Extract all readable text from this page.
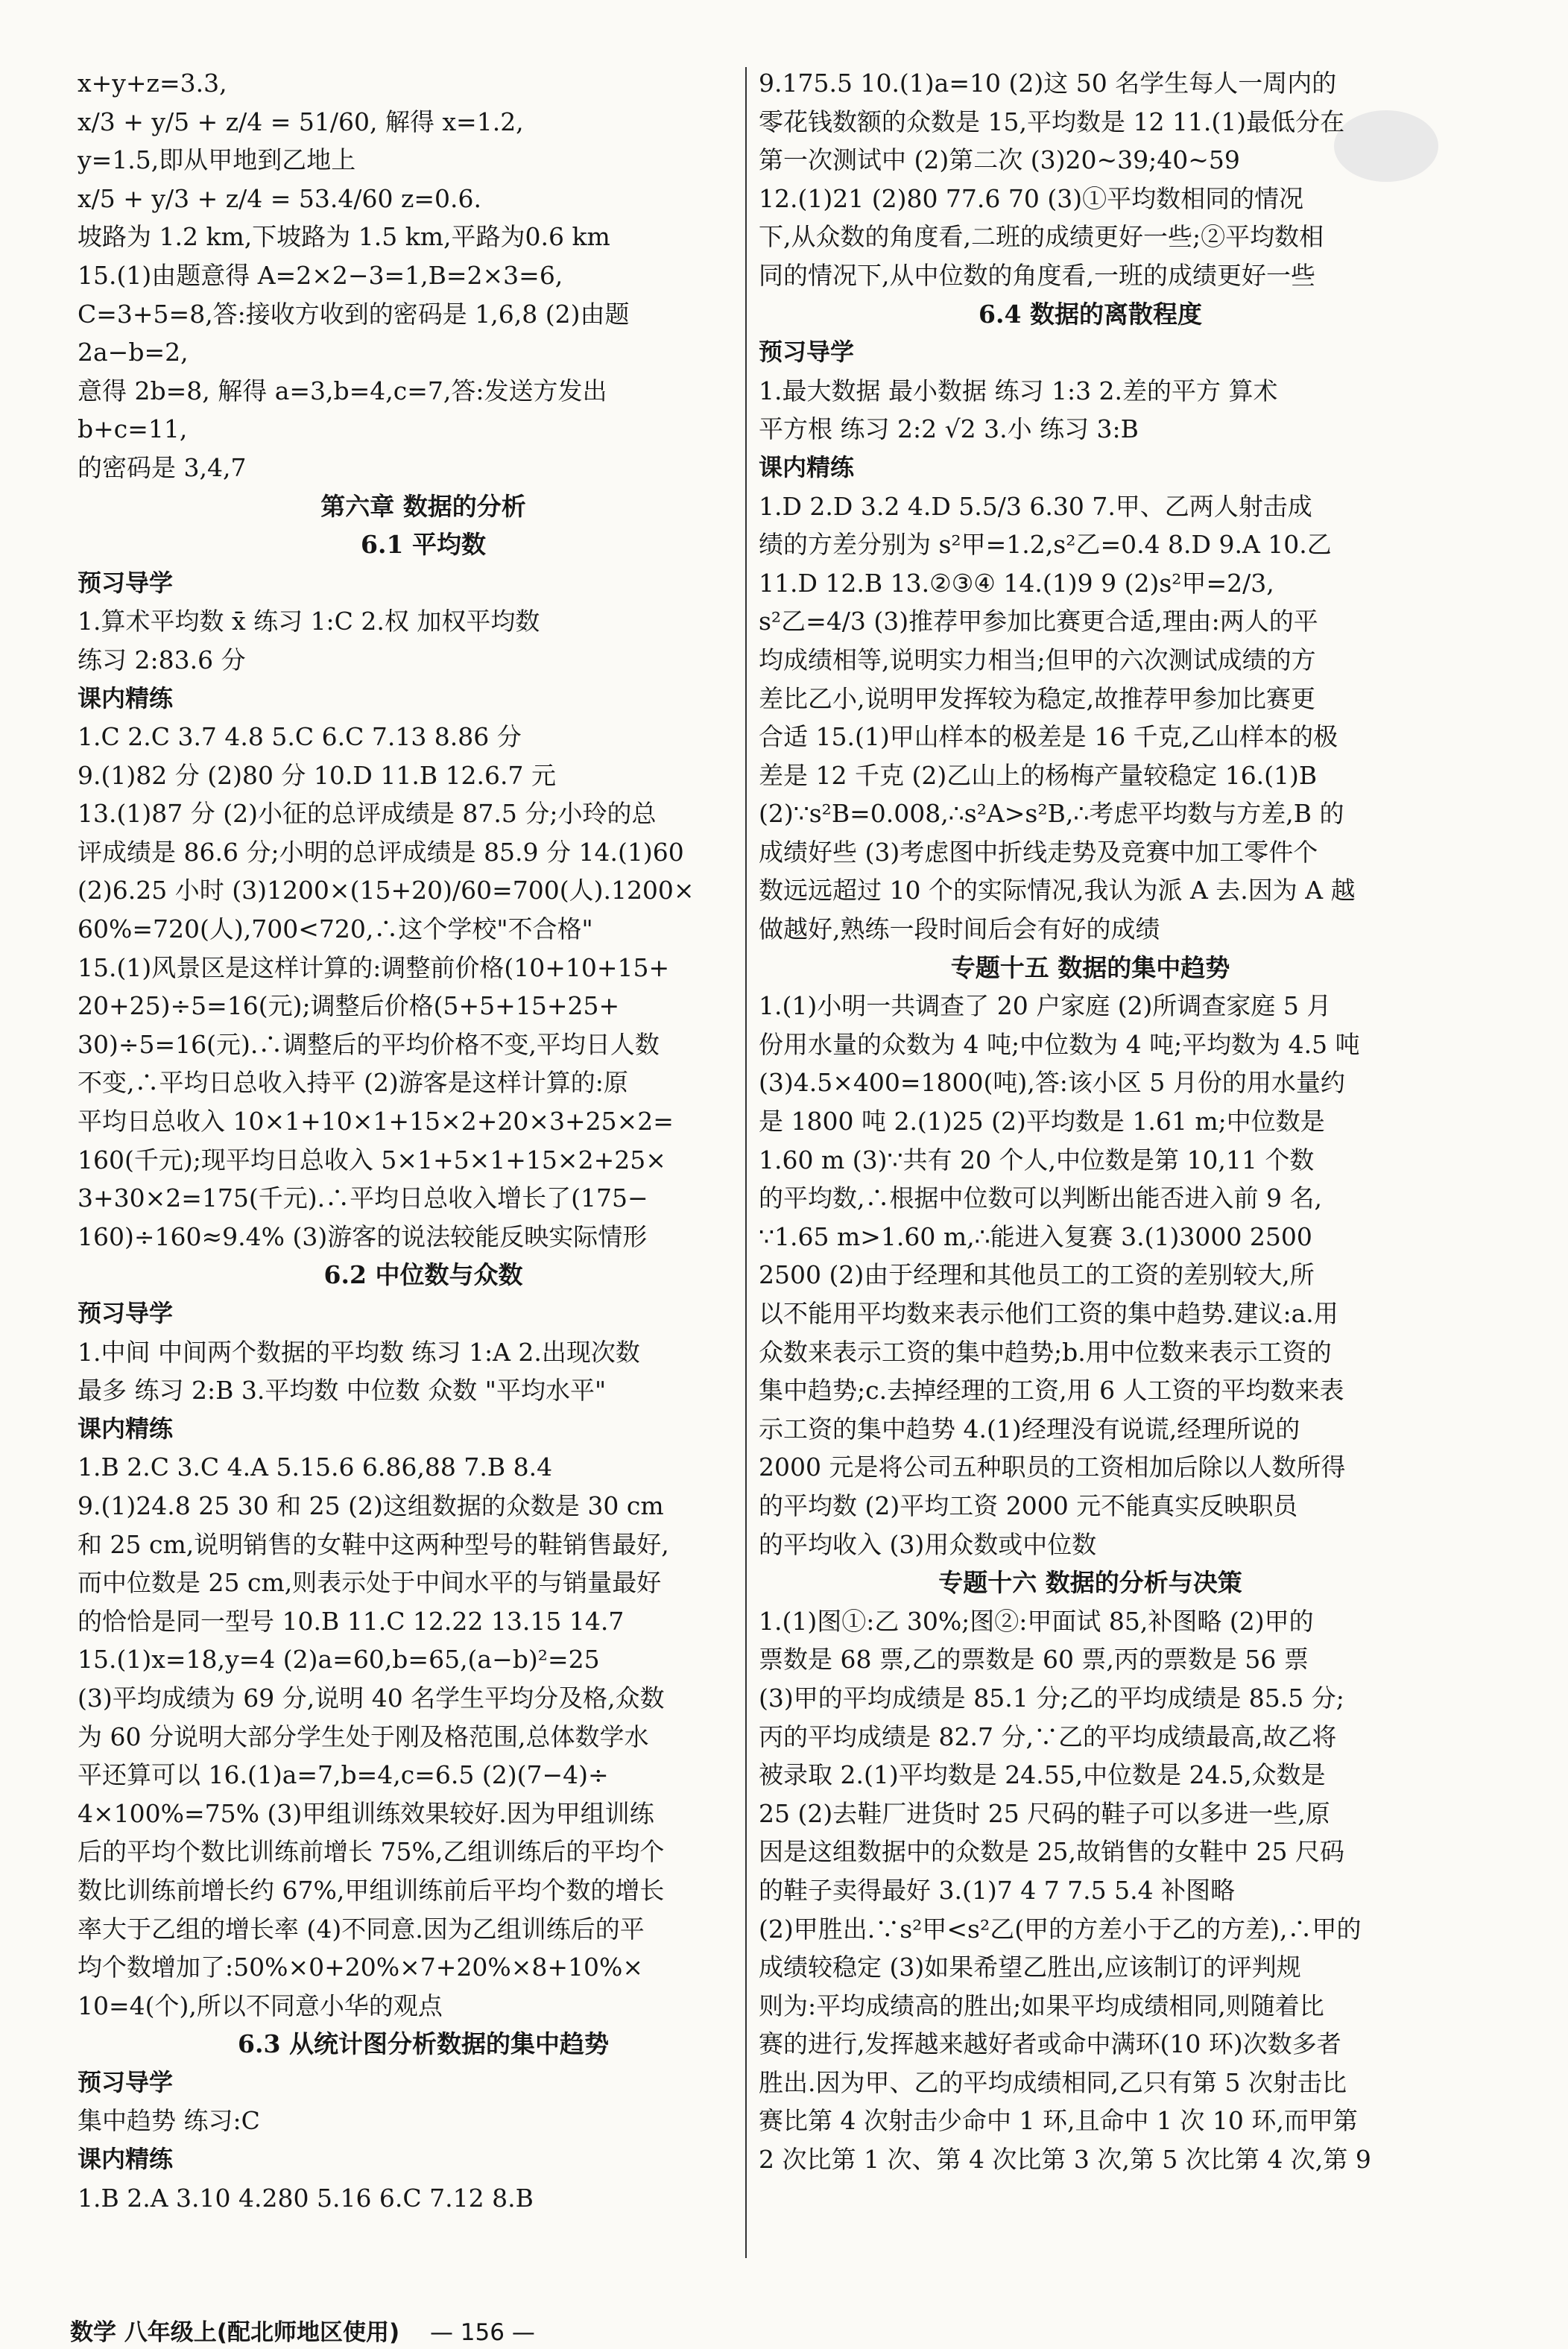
x+y+z=3.3,
x/3 + y/5 + z/4 = 51/60, 解得 x=1.2,
y=1.5,即从甲地到乙地上
x/5 + y/3 + z/4 = 53.4/60 z=0.6.
坡路为 1.2 km,下坡路为 1.5 km,平路为0.6 km
15.(1)由题意得 A=2×2−3=1,B=2×3=6,
C=3+5=8,答:接收方收到的密码是 1,6,8 (2)由题
2a−b=2,
意得 2b=8, 解得 a=3,b=4,c=7,答:发送方发出
b+c=11,
的密码是 3,4,7
第六章 数据的分析
6.1 平均数
预习导学
1.算术平均数 x̄ 练习 1:C 2.权 加权平均数
练习 2:83.6 分
课内精练
1.C 2.C 3.7 4.8 5.C 6.C 7.13 8.86 分
9.(1)82 分 (2)80 分 10.D 11.B 12.6.7 元
13.(1)87 分 (2)小征的总评成绩是 87.5 分;小玲的总
评成绩是 86.6 分;小明的总评成绩是 85.9 分 14.(1)60
(2)6.25 小时 (3)1200×(15+20)/60=700(人).1200×
60%=720(人),700<720,∴这个学校"不合格"
15.(1)风景区是这样计算的:调整前价格(10+10+15+
20+25)÷5=16(元);调整后价格(5+5+15+25+
30)÷5=16(元).∴调整后的平均价格不变,平均日人数
不变,∴平均日总收入持平 (2)游客是这样计算的:原
平均日总收入 10×1+10×1+15×2+20×3+25×2=
160(千元);现平均日总收入 5×1+5×1+15×2+25×
3+30×2=175(千元).∴平均日总收入增长了(175−
160)÷160≈9.4% (3)游客的说法较能反映实际情形
6.2 中位数与众数
预习导学
1.中间 中间两个数据的平均数 练习 1:A 2.出现次数
最多 练习 2:B 3.平均数 中位数 众数 "平均水平"
课内精练
1.B 2.C 3.C 4.A 5.15.6 6.86,88 7.B 8.4
9.(1)24.8 25 30 和 25 (2)这组数据的众数是 30 cm
和 25 cm,说明销售的女鞋中这两种型号的鞋销售最好,
而中位数是 25 cm,则表示处于中间水平的与销量最好
的恰恰是同一型号 10.B 11.C 12.22 13.15 14.7
15.(1)x=18,y=4 (2)a=60,b=65,(a−b)²=25
(3)平均成绩为 69 分,说明 40 名学生平均分及格,众数
为 60 分说明大部分学生处于刚及格范围,总体数学水
平还算可以 16.(1)a=7,b=4,c=6.5 (2)(7−4)÷
4×100%=75% (3)甲组训练效果较好.因为甲组训练
后的平均个数比训练前增长 75%,乙组训练后的平均个
数比训练前增长约 67%,甲组训练前后平均个数的增长
率大于乙组的增长率 (4)不同意.因为乙组训练后的平
均个数增加了:50%×0+20%×7+20%×8+10%×
10=4(个),所以不同意小华的观点
6.3 从统计图分析数据的集中趋势
预习导学
集中趋势 练习:C
课内精练
1.B 2.A 3.10 4.280 5.16 6.C 7.12 8.B
9.175.5 10.(1)a=10 (2)这 50 名学生每人一周内的
零花钱数额的众数是 15,平均数是 12 11.(1)最低分在
第一次测试中 (2)第二次 (3)20~39;40~59
12.(1)21 (2)80 77.6 70 (3)①平均数相同的情况
下,从众数的角度看,二班的成绩更好一些;②平均数相
同的情况下,从中位数的角度看,一班的成绩更好一些
6.4 数据的离散程度
预习导学
1.最大数据 最小数据 练习 1:3 2.差的平方 算术
平方根 练习 2:2 √2 3.小 练习 3:B
课内精练
1.D 2.D 3.2 4.D 5.5/3 6.30 7.甲、乙两人射击成
绩的方差分别为 s²甲=1.2,s²乙=0.4 8.D 9.A 10.乙
11.D 12.B 13.②③④ 14.(1)9 9 (2)s²甲=2/3,
s²乙=4/3 (3)推荐甲参加比赛更合适,理由:两人的平
均成绩相等,说明实力相当;但甲的六次测试成绩的方
差比乙小,说明甲发挥较为稳定,故推荐甲参加比赛更
合适 15.(1)甲山样本的极差是 16 千克,乙山样本的极
差是 12 千克 (2)乙山上的杨梅产量较稳定 16.(1)B
(2)∵s²B=0.008,∴s²A>s²B,∴考虑平均数与方差,B 的
成绩好些 (3)考虑图中折线走势及竞赛中加工零件个
数远远超过 10 个的实际情况,我认为派 A 去.因为 A 越
做越好,熟练一段时间后会有好的成绩
专题十五 数据的集中趋势
1.(1)小明一共调查了 20 户家庭 (2)所调查家庭 5 月
份用水量的众数为 4 吨;中位数为 4 吨;平均数为 4.5 吨
(3)4.5×400=1800(吨),答:该小区 5 月份的用水量约
是 1800 吨 2.(1)25 (2)平均数是 1.61 m;中位数是
1.60 m (3)∵共有 20 个人,中位数是第 10,11 个数
的平均数,∴根据中位数可以判断出能否进入前 9 名,
∵1.65 m>1.60 m,∴能进入复赛 3.(1)3000 2500
2500 (2)由于经理和其他员工的工资的差别较大,所
以不能用平均数来表示他们工资的集中趋势.建议:a.用
众数来表示工资的集中趋势;b.用中位数来表示工资的
集中趋势;c.去掉经理的工资,用 6 人工资的平均数来表
示工资的集中趋势 4.(1)经理没有说谎,经理所说的
2000 元是将公司五种职员的工资相加后除以人数所得
的平均数 (2)平均工资 2000 元不能真实反映职员
的平均收入 (3)用众数或中位数
专题十六 数据的分析与决策
1.(1)图①:乙 30%;图②:甲面试 85,补图略 (2)甲的
票数是 68 票,乙的票数是 60 票,丙的票数是 56 票
(3)甲的平均成绩是 85.1 分;乙的平均成绩是 85.5 分;
丙的平均成绩是 82.7 分,∵乙的平均成绩最高,故乙将
被录取 2.(1)平均数是 24.55,中位数是 24.5,众数是
25 (2)去鞋厂进货时 25 尺码的鞋子可以多进一些,原
因是这组数据中的众数是 25,故销售的女鞋中 25 尺码
的鞋子卖得最好 3.(1)7 4 7 7.5 5.4 补图略
(2)甲胜出.∵s²甲<s²乙(甲的方差小于乙的方差),∴甲的
成绩较稳定 (3)如果希望乙胜出,应该制订的评判规
则为:平均成绩高的胜出;如果平均成绩相同,则随着比
赛的进行,发挥越来越好者或命中满环(10 环)次数多者
胜出.因为甲、乙的平均成绩相同,乙只有第 5 次射击比
赛比第 4 次射击少命中 1 环,且命中 1 次 10 环,而甲第
2 次比第 1 次、第 4 次比第 3 次,第 5 次比第 4 次,第 9
数学 八年级上(配北师地区使用) — 156 —
